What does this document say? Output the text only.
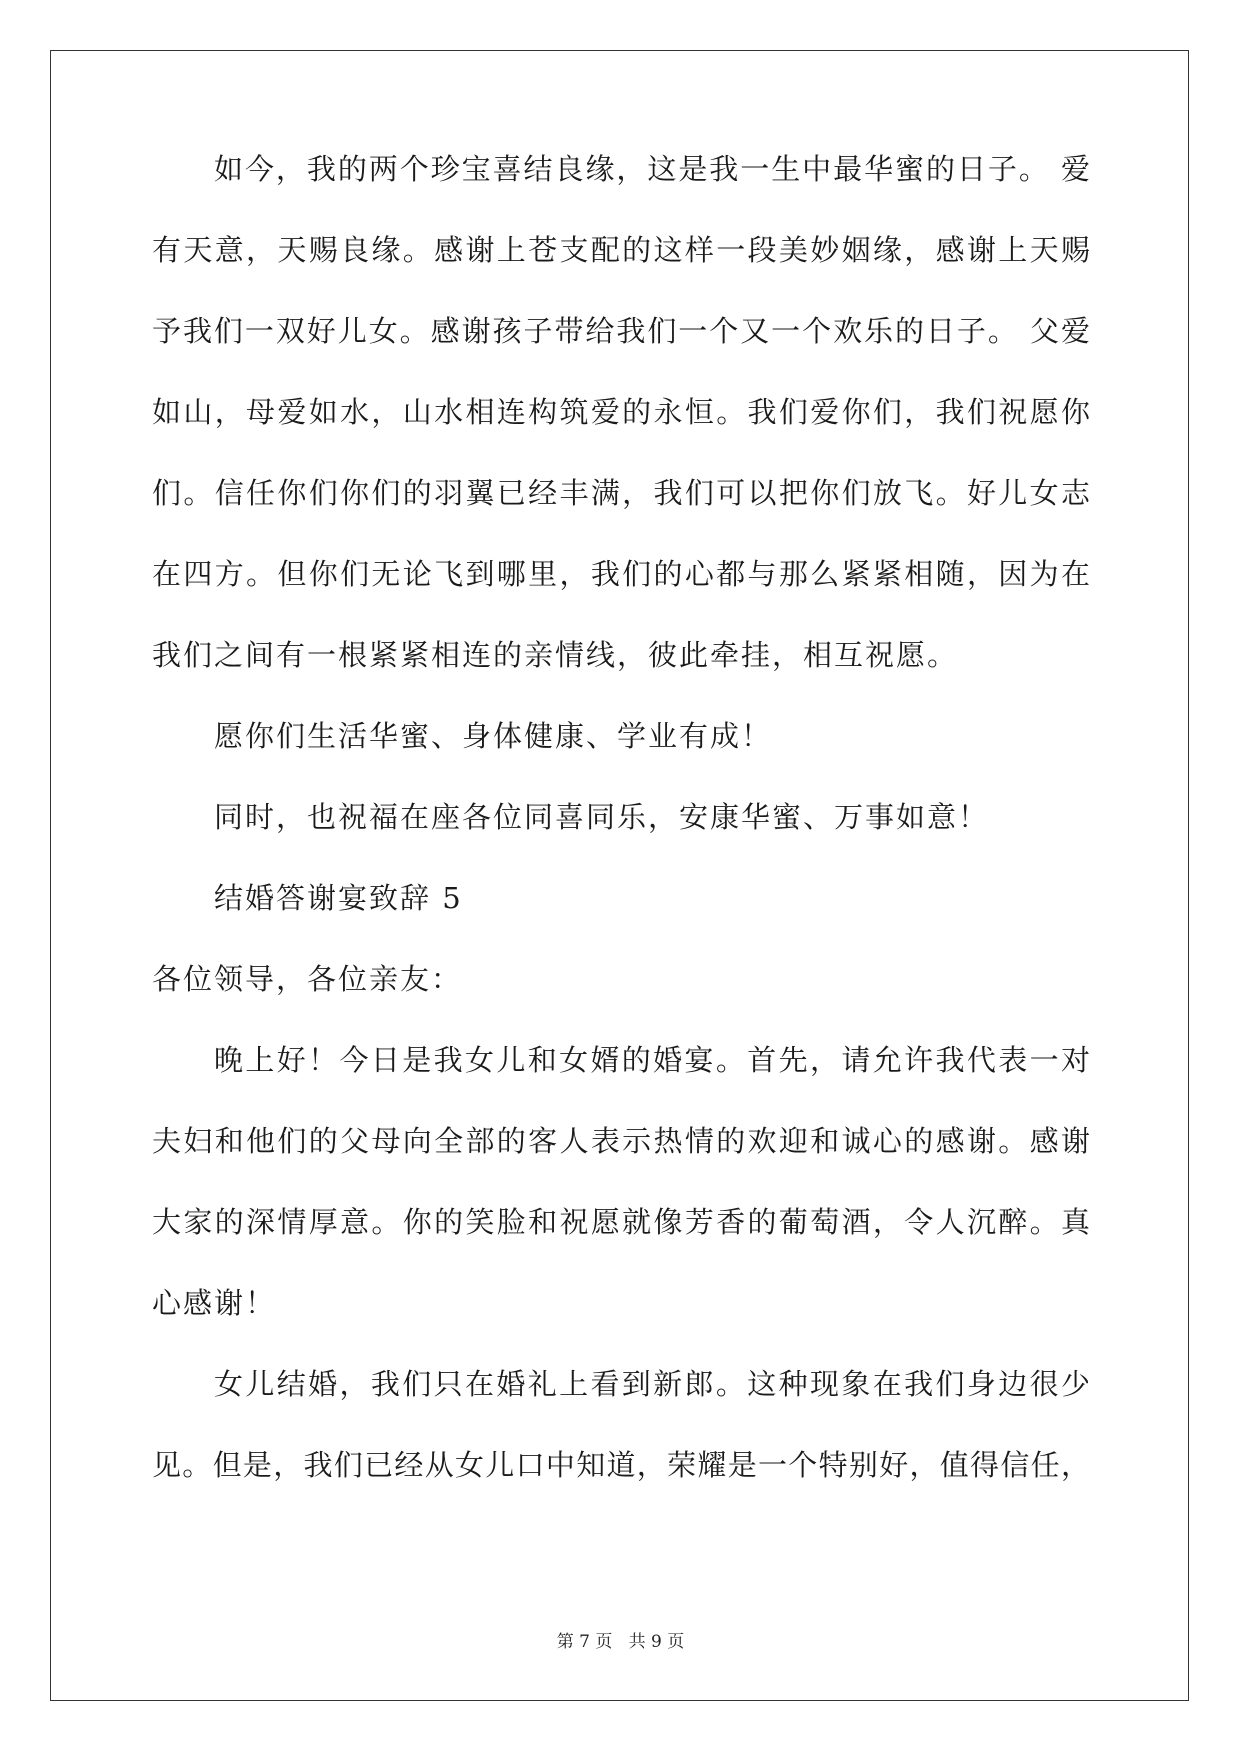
如今，我的两个珍宝喜结良缘，这是我一生中最华蜜的日子。 爱
有天意，天赐良缘。感谢上苍支配的这样一段美妙姻缘，感谢上天赐
予我们一双好儿女。感谢孩子带给我们一个又一个欢乐的日子。 父爱
如山，母爱如水，山水相连构筑爱的永恒。我们爱你们，我们祝愿你
们。信任你们你们的羽翼已经丰满，我们可以把你们放飞。好儿女志
在四方。但你们无论飞到哪里，我们的心都与那么紧紧相随，因为在
我们之间有一根紧紧相连的亲情线，彼此牵挂，相互祝愿。
愿你们生活华蜜、身体健康、学业有成！
同时，也祝福在座各位同喜同乐，安康华蜜、万事如意！
结婚答谢宴致辞 5
各位领导，各位亲友：
晚上好！今日是我女儿和女婿的婚宴。首先，请允许我代表一对
夫妇和他们的父母向全部的客人表示热情的欢迎和诚心的感谢。感谢
大家的深情厚意。你的笑脸和祝愿就像芳香的葡萄酒，令人沉醉。真
心感谢！
女儿结婚，我们只在婚礼上看到新郎。这种现象在我们身边很少
见。但是，我们已经从女儿口中知道，荣耀是一个特别好，值得信任，
第 7 页   共 9 页
